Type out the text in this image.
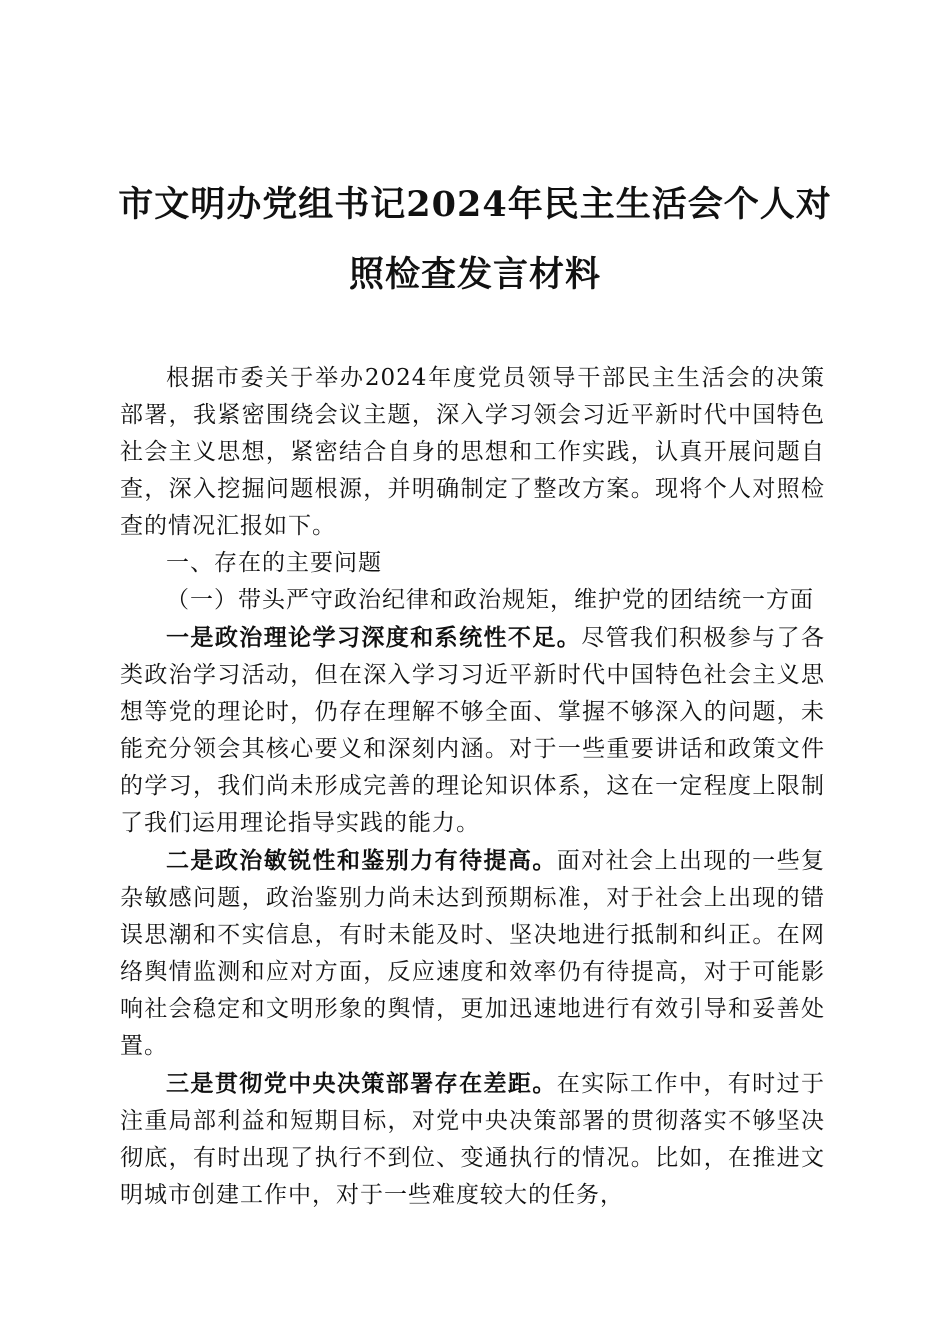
市文明办党组书记2024年民主生活会个人对
照检查发言材料

根据市委关于举办2024年度党员领导干部民主生活会的决策部署，我紧密围绕会议主题，深入学习领会习近平新时代中国特色社会主义思想，紧密结合自身的思想和工作实践，认真开展问题自查，深入挖掘问题根源，并明确制定了整改方案。现将个人对照检查的情况汇报如下。

一、存在的主要问题

（一）带头严守政治纪律和政治规矩，维护党的团结统一方面

一是政治理论学习深度和系统性不足。尽管我们积极参与了各类政治学习活动，但在深入学习习近平新时代中国特色社会主义思想等党的理论时，仍存在理解不够全面、掌握不够深入的问题，未能充分领会其核心要义和深刻内涵。对于一些重要讲话和政策文件的学习，我们尚未形成完善的理论知识体系，这在一定程度上限制了我们运用理论指导实践的能力。

二是政治敏锐性和鉴别力有待提高。面对社会上出现的一些复杂敏感问题，政治鉴别力尚未达到预期标准，对于社会上出现的错误思潮和不实信息，有时未能及时、坚决地进行抵制和纠正。在网络舆情监测和应对方面，反应速度和效率仍有待提高，对于可能影响社会稳定和文明形象的舆情，更加迅速地进行有效引导和妥善处置。

三是贯彻党中央决策部署存在差距。在实际工作中，有时过于注重局部利益和短期目标，对党中央决策部署的贯彻落实不够坚决彻底，有时出现了执行不到位、变通执行的情况。比如，在推进文明城市创建工作中，对于一些难度较大的任务，
